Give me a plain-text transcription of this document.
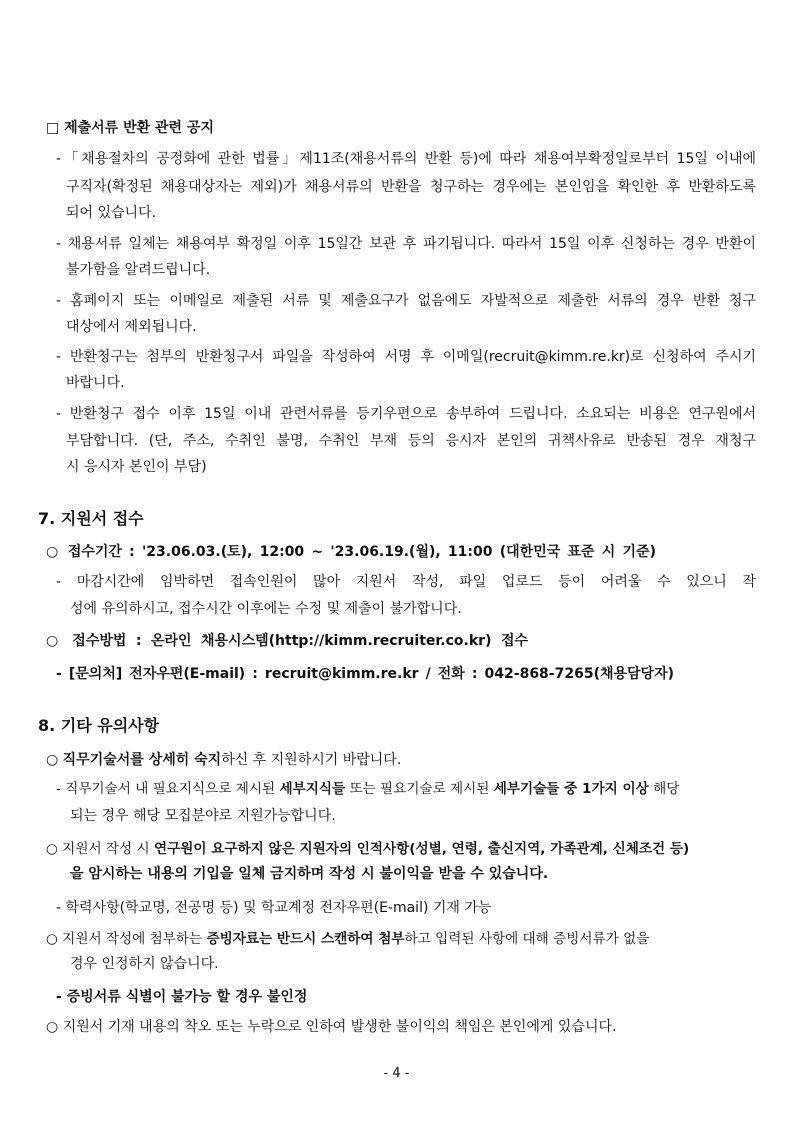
□ 제출서류 반환 관련 공지
-「채용절차의 공정화에 관한 법률」제11조(채용서류의 반환 등)에 따라 채용여부확정일로부터 15일 이내에
구직자(확정된 채용대상자는 제외)가 채용서류의 반환을 청구하는 경우에는 본인임을 확인한 후 반환하도록
되어 있습니다.
- 채용서류 일체는 채용여부 확정일 이후 15일간 보관 후 파기됩니다. 따라서 15일 이후 신청하는 경우 반환이
불가함을 알려드립니다.
- 홈페이지 또는 이메일로 제출된 서류 및 제출요구가 없음에도 자발적으로 제출한 서류의 경우 반환 청구
대상에서 제외됩니다.
- 반환청구는 첨부의 반환청구서 파일을 작성하여 서명 후 이메일(recruit@kimm.re.kr)로 신청하여 주시기
바랍니다.
- 반환청구 접수 이후 15일 이내 관련서류를 등기우편으로 송부하여 드립니다. 소요되는 비용은 연구원에서
부담합니다. (단, 주소, 수취인 불명, 수취인 부재 등의 응시자 본인의 귀책사유로 반송된 경우 재청구
시 응시자 본인이 부담)
7. 지원서 접수
○ 접수기간 : '23.06.03.(토), 12:00 ~ '23.06.19.(월), 11:00 (대한민국 표준 시 기준)
- 마감시간에 임박하면 접속인원이 많아 지원서 작성, 파일 업로드 등이 어려울 수 있으니 작
성에 유의하시고, 접수시간 이후에는 수정 및 제출이 불가합니다.
○ 접수방법 : 온라인 채용시스템(http://kimm.recruiter.co.kr) 접수
- [문의처] 전자우편(E-mail) : recruit@kimm.re.kr / 전화 : 042-868-7265(채용담당자)
8. 기타 유의사항
○ 직무기술서를 상세히 숙지하신 후 지원하시기 바랍니다.
- 직무기술서 내 필요지식으로 제시된 세부지식들 또는 필요기술로 제시된 세부기술들 중 1가지 이상 해당
되는 경우 해당 모집분야로 지원가능합니다.
○ 지원서 작성 시 연구원이 요구하지 않은 지원자의 인적사항(성별, 연령, 출신지역, 가족관계, 신체조건 등)
을 암시하는 내용의 기입을 일체 금지하며 작성 시 불이익을 받을 수 있습니다.
- 학력사항(학교명, 전공명 등) 및 학교계정 전자우편(E-mail) 기재 가능
○ 지원서 작성에 첨부하는 증빙자료는 반드시 스캔하여 첨부하고 입력된 사항에 대해 증빙서류가 없을
경우 인정하지 않습니다.
- 증빙서류 식별이 불가능 할 경우 불인정
○ 지원서 기재 내용의 착오 또는 누락으로 인하여 발생한 불이익의 책임은 본인에게 있습니다.
- 4 -
